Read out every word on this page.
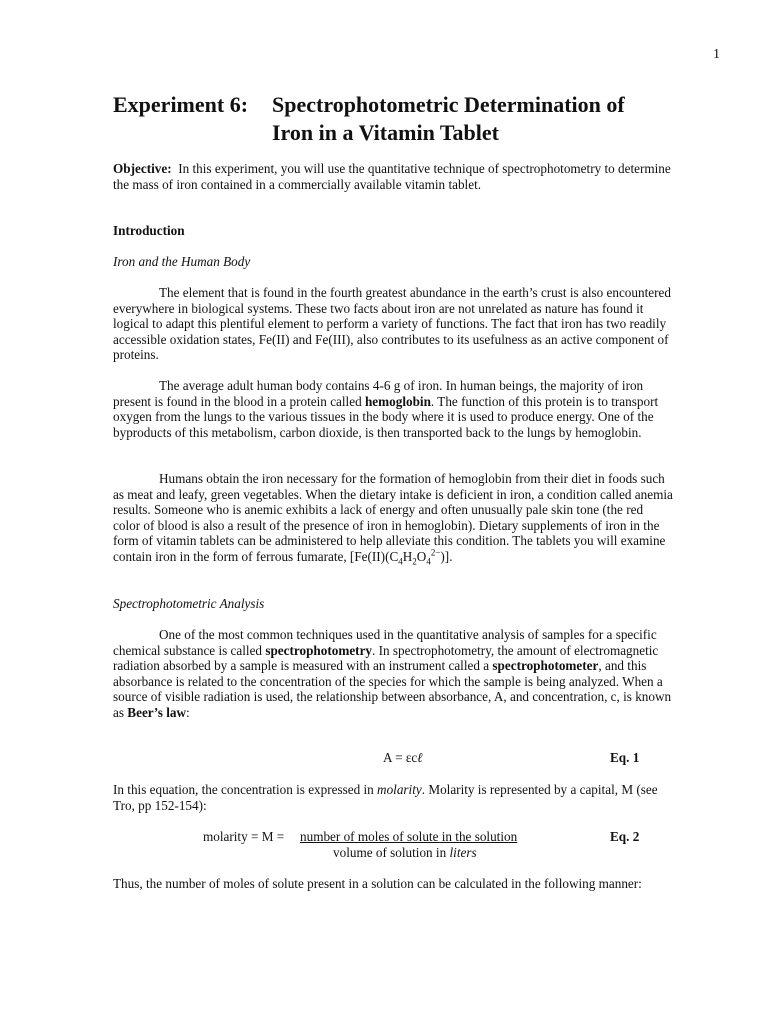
1
Experiment 6: Spectrophotometric Determination of
Iron in a Vitamin Tablet

Objective: In this experiment, you will use the quantitative technique of spectrophotometry to determine the mass of iron contained in a commercially available vitamin tablet.

Introduction
Iron and the Human Body

The element that is found in the fourth greatest abundance in the earth’s crust is also encountered everywhere in biological systems. These two facts about iron are not unrelated as nature has found it logical to adapt this plentiful element to perform a variety of functions. The fact that iron has two readily accessible oxidation states, Fe(II) and Fe(III), also contributes to its usefulness as an active component of proteins.

The average adult human body contains 4-6 g of iron. In human beings, the majority of iron present is found in the blood in a protein called hemoglobin. The function of this protein is to transport oxygen from the lungs to the various tissues in the body where it is used to produce energy. One of the byproducts of this metabolism, carbon dioxide, is then transported back to the lungs by hemoglobin.

Humans obtain the iron necessary for the formation of hemoglobin from their diet in foods such as meat and leafy, green vegetables. When the dietary intake is deficient in iron, a condition called anemia results. Someone who is anemic exhibits a lack of energy and often unusually pale skin tone (the red color of blood is also a result of the presence of iron in hemoglobin). Dietary supplements of iron in the form of vitamin tablets can be administered to help alleviate this condition. The tablets you will examine contain iron in the form of ferrous fumarate, $[Fe(II)(C_4H_2O_4^{2-})]$.

Spectrophotometric Analysis

One of the most common techniques used in the quantitative analysis of samples for a specific chemical substance is called spectrophotometry. In spectrophotometry, the amount of electromagnetic radiation absorbed by a sample is measured with an instrument called a spectrophotometer, and this absorbance is related to the concentration of the species for which the sample is being analyzed. When a source of visible radiation is used, the relationship between absorbance, A, and concentration, c, is known as Beer’s law:

A = εcℓ	Eq. 1

In this equation, the concentration is expressed in molarity. Molarity is represented by a capital, M (see Tro, pp 152-154):

molarity = M = number of moles of solute in the solution
volume of solution in liters
Eq. 2
Thus, the number of moles of solute present in a solution can be calculated in the following manner:
